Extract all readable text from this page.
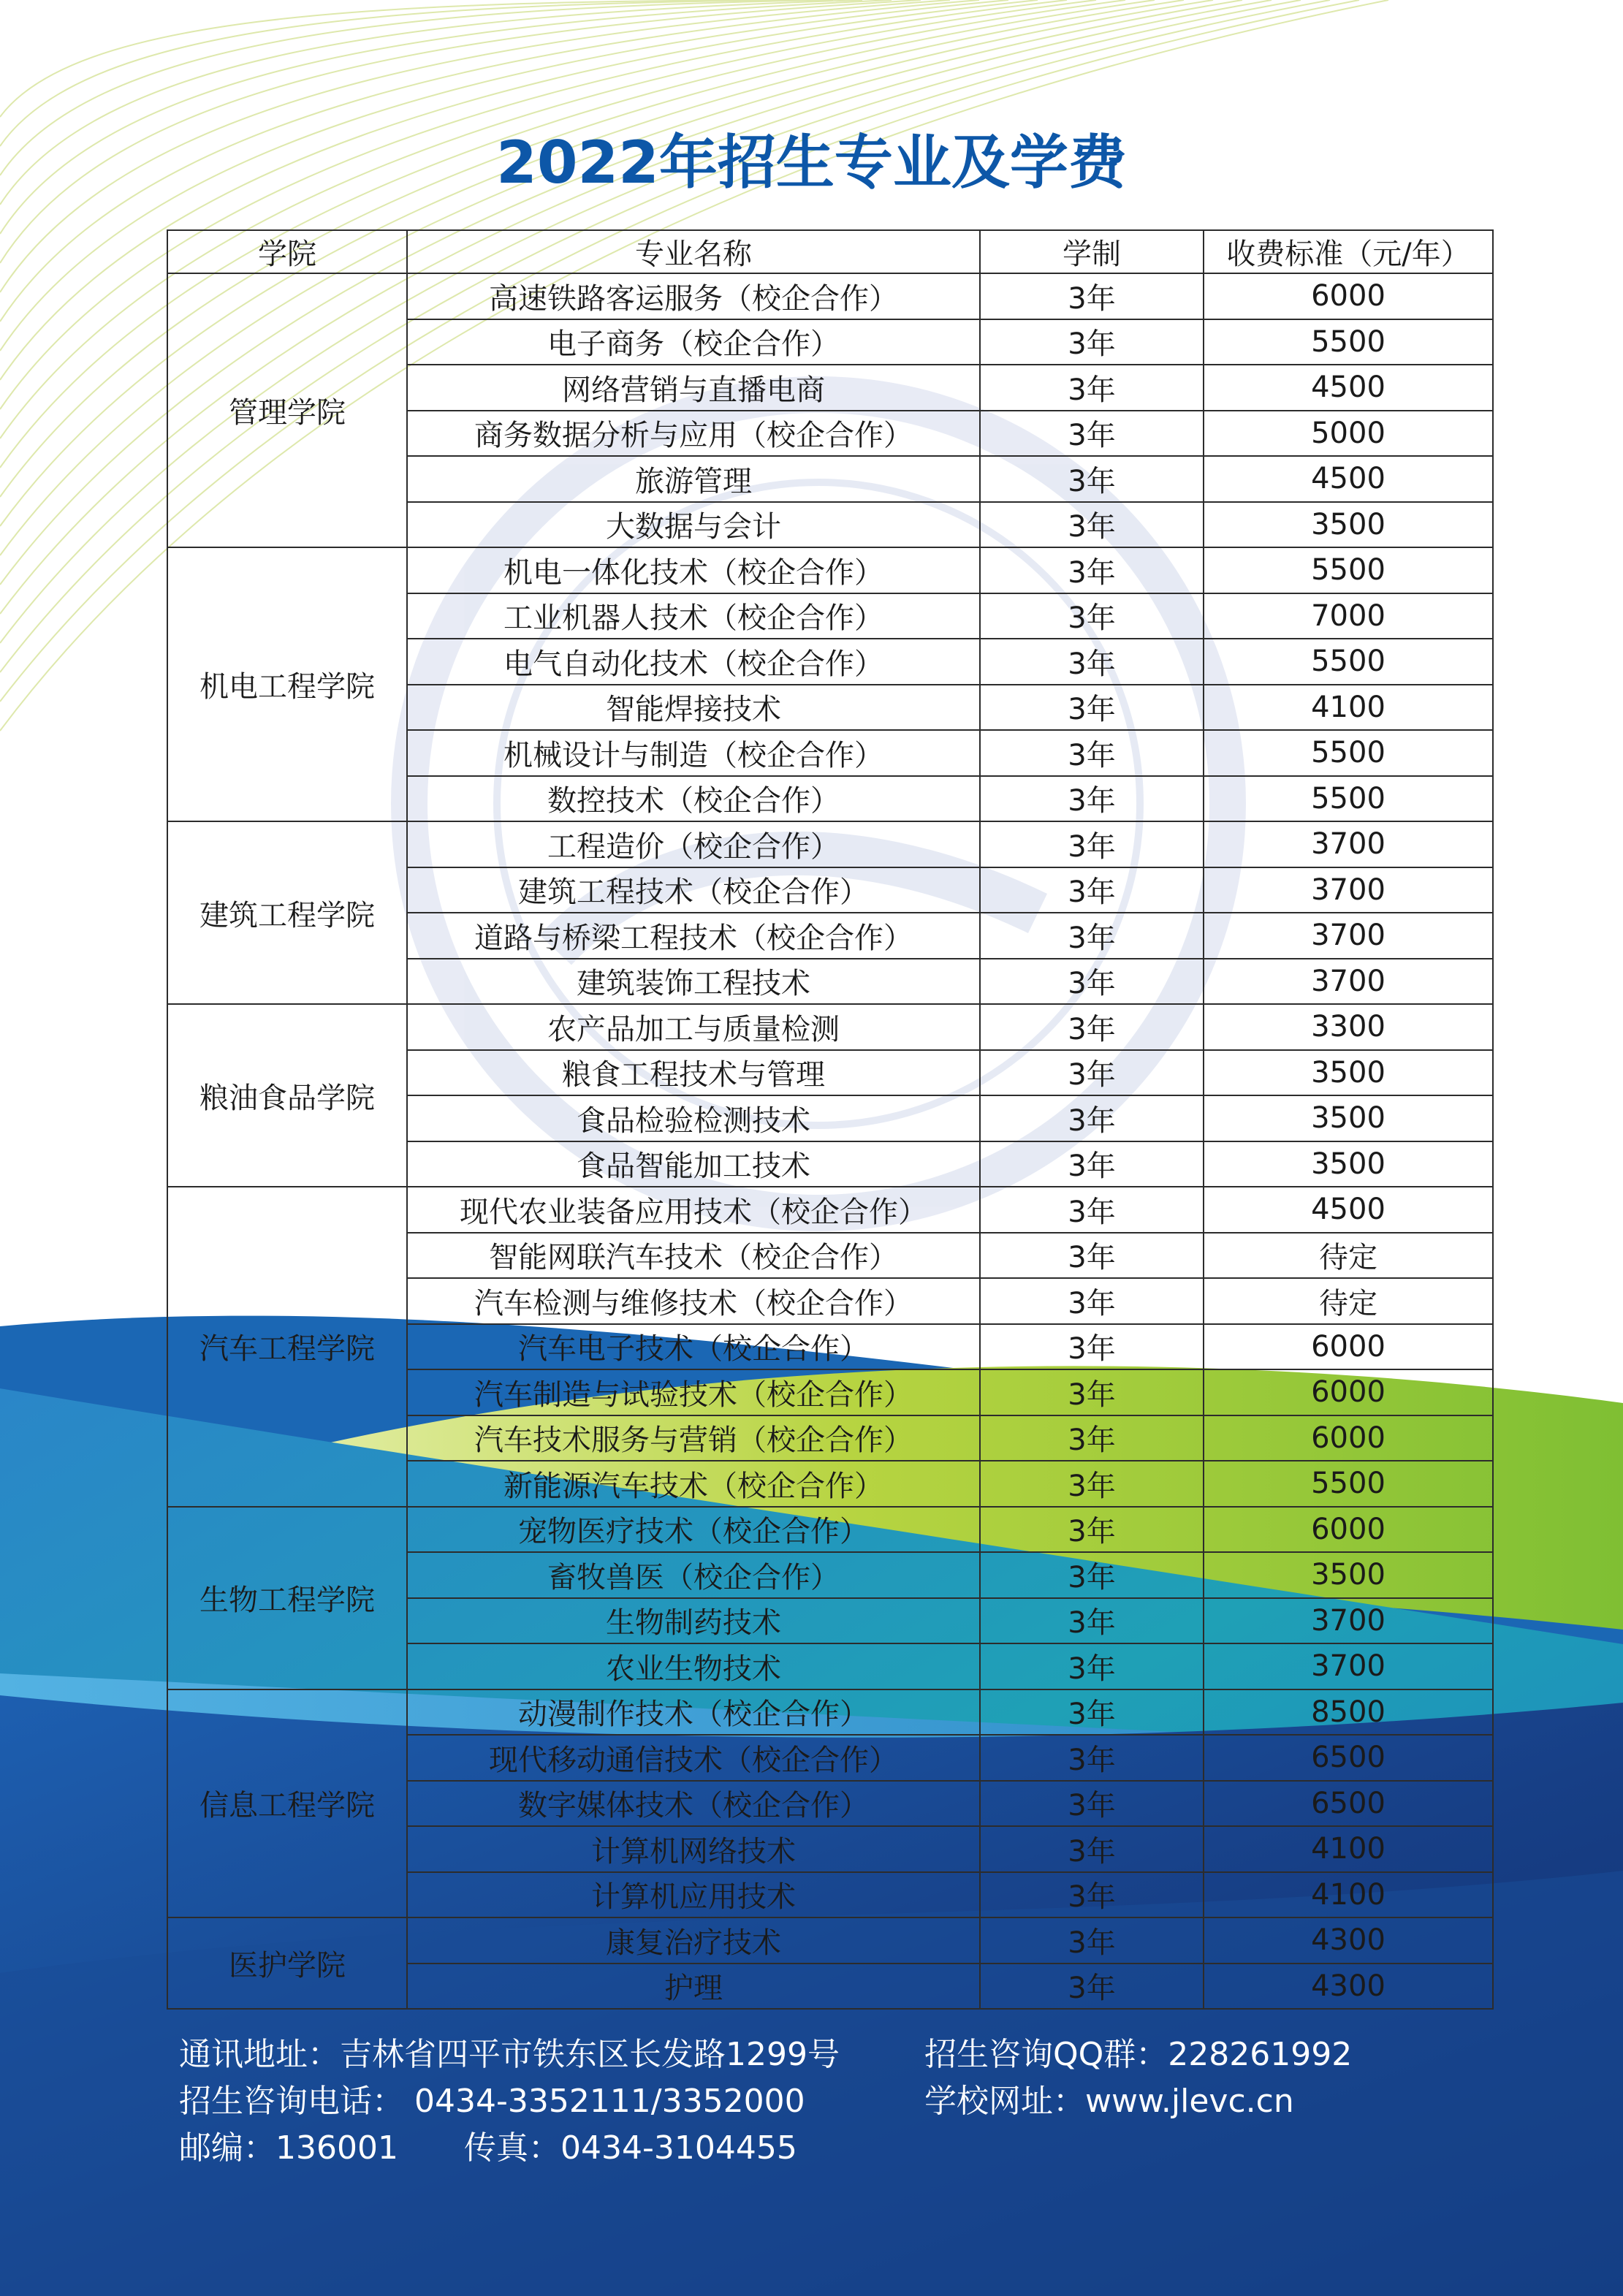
2022年招生专业及学费
学院	专业名称	学制	收费标准（元/年）
管理学院	高速铁路客运服务（校企合作）	3年	6000
	电子商务（校企合作）	3年	5500
	网络营销与直播电商	3年	4500
	商务数据分析与应用（校企合作）	3年	5000
	旅游管理	3年	4500
	大数据与会计	3年	3500
机电工程学院	机电一体化技术（校企合作）	3年	5500
	工业机器人技术（校企合作）	3年	7000
	电气自动化技术（校企合作）	3年	5500
	智能焊接技术	3年	4100
	机械设计与制造（校企合作）	3年	5500
	数控技术（校企合作）	3年	5500
建筑工程学院	工程造价（校企合作）	3年	3700
	建筑工程技术（校企合作）	3年	3700
	道路与桥梁工程技术（校企合作）	3年	3700
	建筑装饰工程技术	3年	3700
粮油食品学院	农产品加工与质量检测	3年	3300
	粮食工程技术与管理	3年	3500
	食品检验检测技术	3年	3500
	食品智能加工技术	3年	3500
汽车工程学院	现代农业装备应用技术（校企合作）	3年	4500
	智能网联汽车技术（校企合作）	3年	待定
	汽车检测与维修技术（校企合作）	3年	待定
	汽车电子技术（校企合作）	3年	6000
	汽车制造与试验技术（校企合作）	3年	6000
	汽车技术服务与营销（校企合作）	3年	6000
	新能源汽车技术（校企合作）	3年	5500
生物工程学院	宠物医疗技术（校企合作）	3年	6000
	畜牧兽医（校企合作）	3年	3500
	生物制药技术	3年	3700
	农业生物技术	3年	3700
信息工程学院	动漫制作技术（校企合作）	3年	8500
	现代移动通信技术（校企合作）	3年	6500
	数字媒体技术（校企合作）	3年	6500
	计算机网络技术	3年	4100
	计算机应用技术	3年	4100
医护学院	康复治疗技术	3年	4300
	护理	3年	4300
通讯地址：吉林省四平市铁东区长发路1299号	招生咨询QQ群：228261992
招生咨询电话： 0434-3352111/3352000	学校网址：www.jlevc.cn
邮编：136001 传真：0434-3104455
